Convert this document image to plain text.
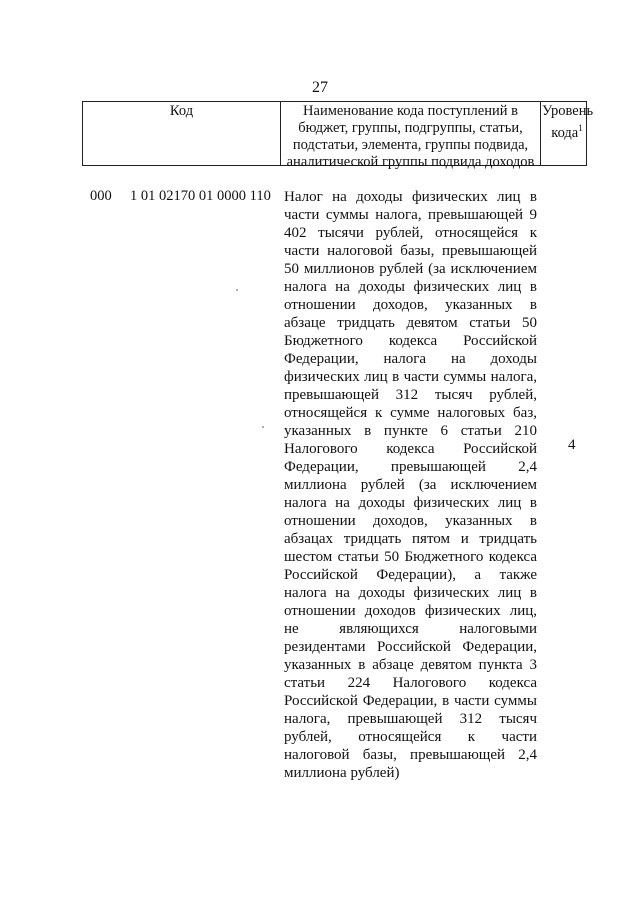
27
Код	Наименование кода поступлений в бюджет, группы, подгруппы, статьи, подстатьи, элемента, группы подвида, аналитической группы подвида доходов
Уровень кода$^1$
000 1 01 02170 01 0000 110 Налог на доходы физических лиц в части суммы налога, превышающей 9 402 тысячи рублей, относящейся к части налоговой базы, превышающей 50 миллионов рублей (за исключением налога на доходы физических лиц в отношении доходов, указанных в абзаце тридцать девятом статьи 50 Бюджетного кодекса Российской Федерации, налога на доходы физических лиц в части суммы налога, превышающей 312 тысяч рублей, относящейся к сумме налоговых баз, указанных в пункте 6 статьи 210 Налогового кодекса Российской Федерации, превышающей 2,4 миллиона рублей (за исключением налога на доходы физических лиц в отношении доходов, указанных в абзацах тридцать пятом и тридцать шестом статьи 50 Бюджетного кодекса Российской Федерации), а также налога на доходы физических лиц в отношении доходов физических лиц, не являющихся налоговыми резидентами Российской Федерации, указанных в абзаце девятом пункта 3 статьи 224 Налогового кодекса Российской Федерации, в части суммы налога, превышающей 312 тысяч рублей, относящейся к части налоговой базы, превышающей 2,4 миллиона рублей)
4
